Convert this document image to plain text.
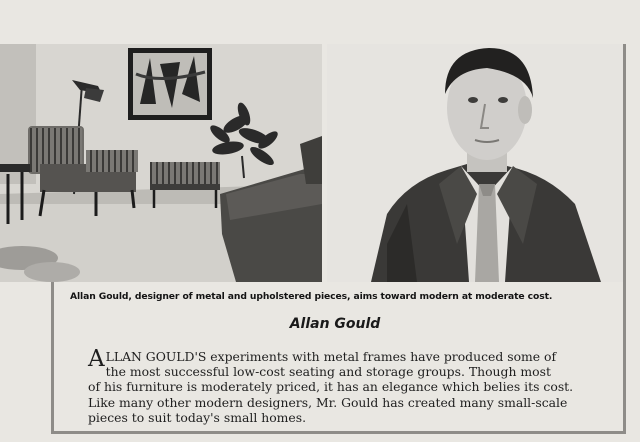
Allan Gould, designer of metal and upholstered pieces, aims toward modern at moderate cost.
Allan Gould
ALLAN GOULD'S experiments with metal frames have produced some of
the most successful low-cost seating and storage groups. Though most
of his furniture is moderately priced, it has an elegance which belies its cost.
Like many other modern designers, Mr. Gould has created many small-scale
pieces to suit today's small homes.
